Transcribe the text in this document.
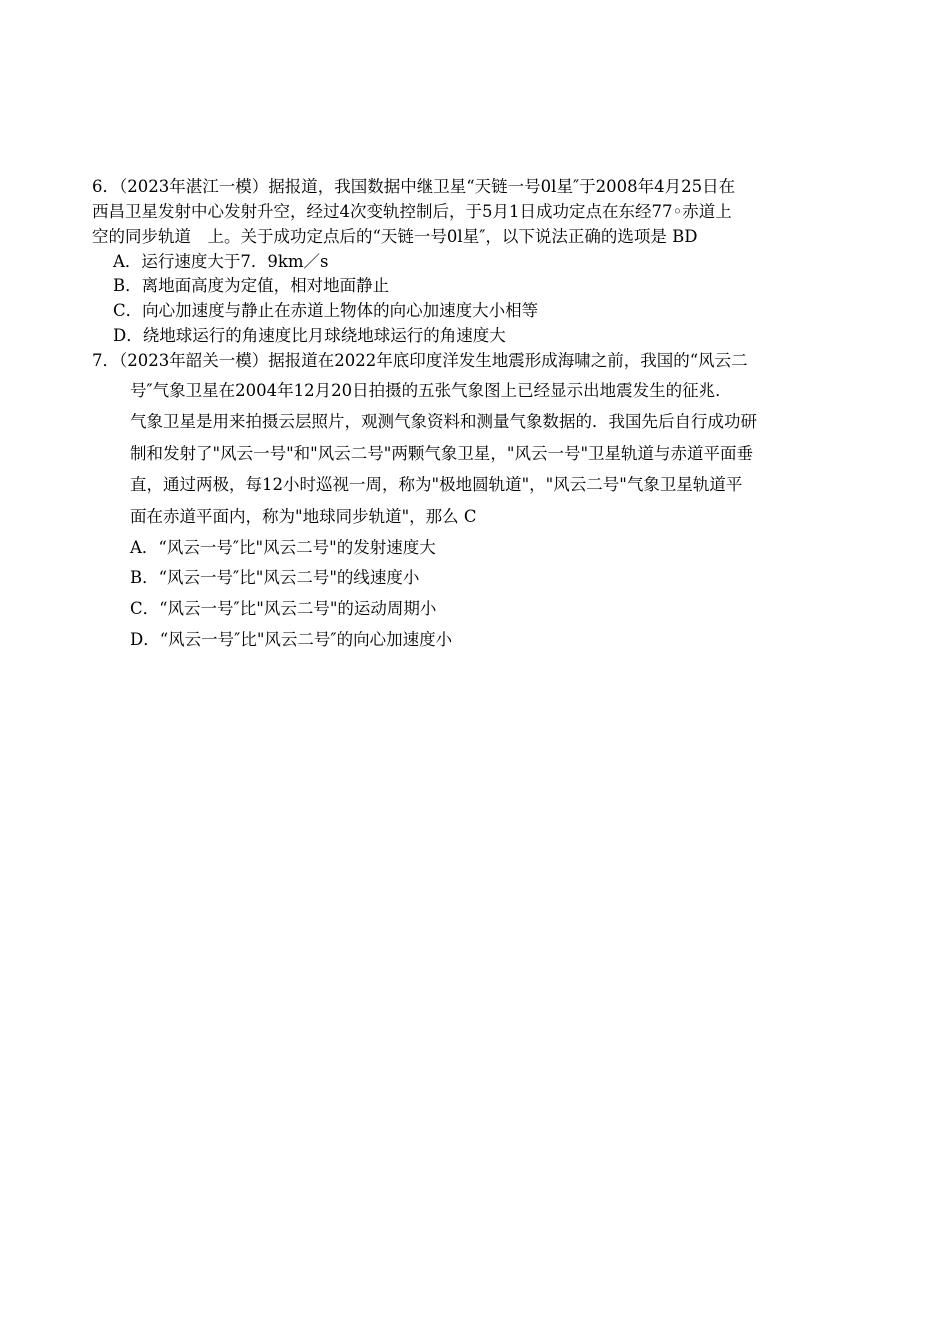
6．（2023年湛江一模）据报道，我国数据中继卫星“天链一号0l星″于2008年4月25日在
西昌卫星发射中心发射升空，经过4次变轨控制后，于5月1日成功定点在东经77◦赤道上
空的同步轨道　上。关于成功定点后的“天链一号0l星″，以下说法正确的选项是 BD
A．运行速度大于7．9km／s
B．离地面高度为定值，相对地面静止
C．向心加速度与静止在赤道上物体的向心加速度大小相等
D．绕地球运行的角速度比月球绕地球运行的角速度大
7．（2023年韶关一模）据报道在2022年底印度洋发生地震形成海啸之前，我国的“风云二
号″气象卫星在2004年12月20日拍摄的五张气象图上已经显示出地震发生的征兆．
气象卫星是用来拍摄云层照片，观测气象资料和测量气象数据的．我国先后自行成功研
制和发射了"风云一号"和"风云二号"两颗气象卫星，"风云一号"卫星轨道与赤道平面垂
直，通过两极，每12小时巡视一周，称为"极地圆轨道"，"风云二号"气象卫星轨道平
面在赤道平面内，称为"地球同步轨道"，那么 C
A．“风云一号″比"风云二号"的发射速度大
B．“风云一号″比"风云二号"的线速度小
C．“风云一号″比"风云二号"的运动周期小
D．“风云一号″比"风云二号″的向心加速度小
